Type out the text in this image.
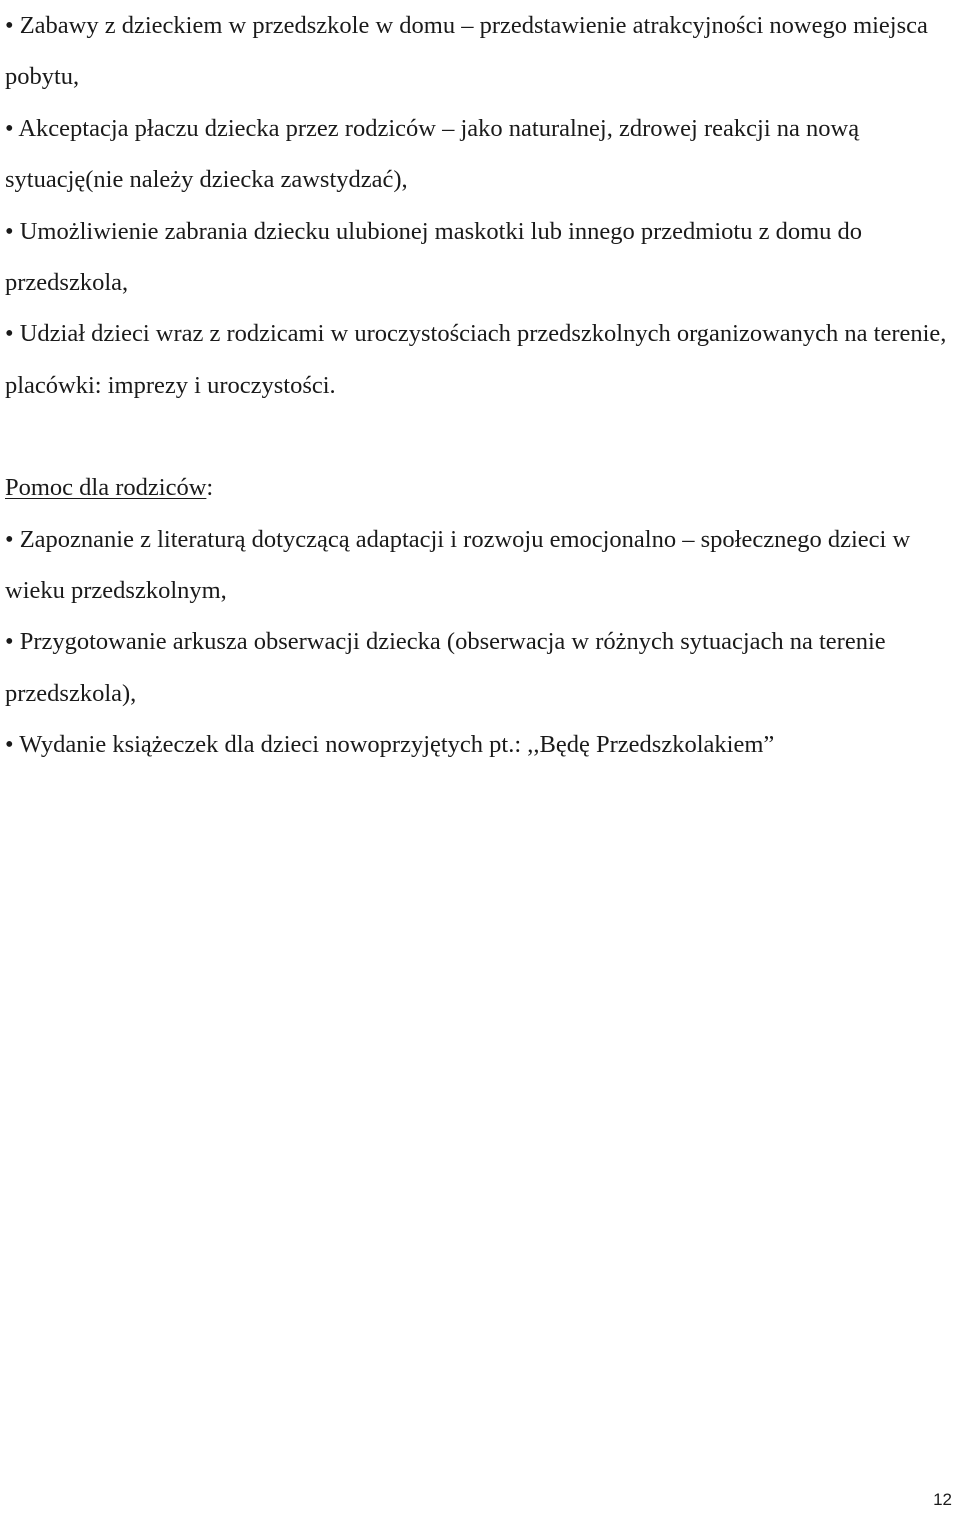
• Zabawy z dzieckiem w przedszkole w domu – przedstawienie atrakcyjności nowego miejsca pobytu,

• Akceptacja płaczu dziecka przez rodziców – jako naturalnej, zdrowej reakcji na nową sytuację(nie należy dziecka zawstydzać),

• Umożliwienie zabrania dziecku ulubionej maskotki lub innego przedmiotu z domu do przedszkola,

• Udział dzieci wraz z rodzicami w uroczystościach przedszkolnych organizowanych na terenie, placówki: imprezy i uroczystości.

Pomoc dla rodziców:

• Zapoznanie z literaturą dotyczącą adaptacji i rozwoju emocjonalno – społecznego dzieci w wieku przedszkolnym,

• Przygotowanie arkusza obserwacji dziecka (obserwacja w różnych sytuacjach na terenie przedszkola),

• Wydanie książeczek dla dzieci nowoprzyjętych pt.: ,,Będę Przedszkolakiem”

12
